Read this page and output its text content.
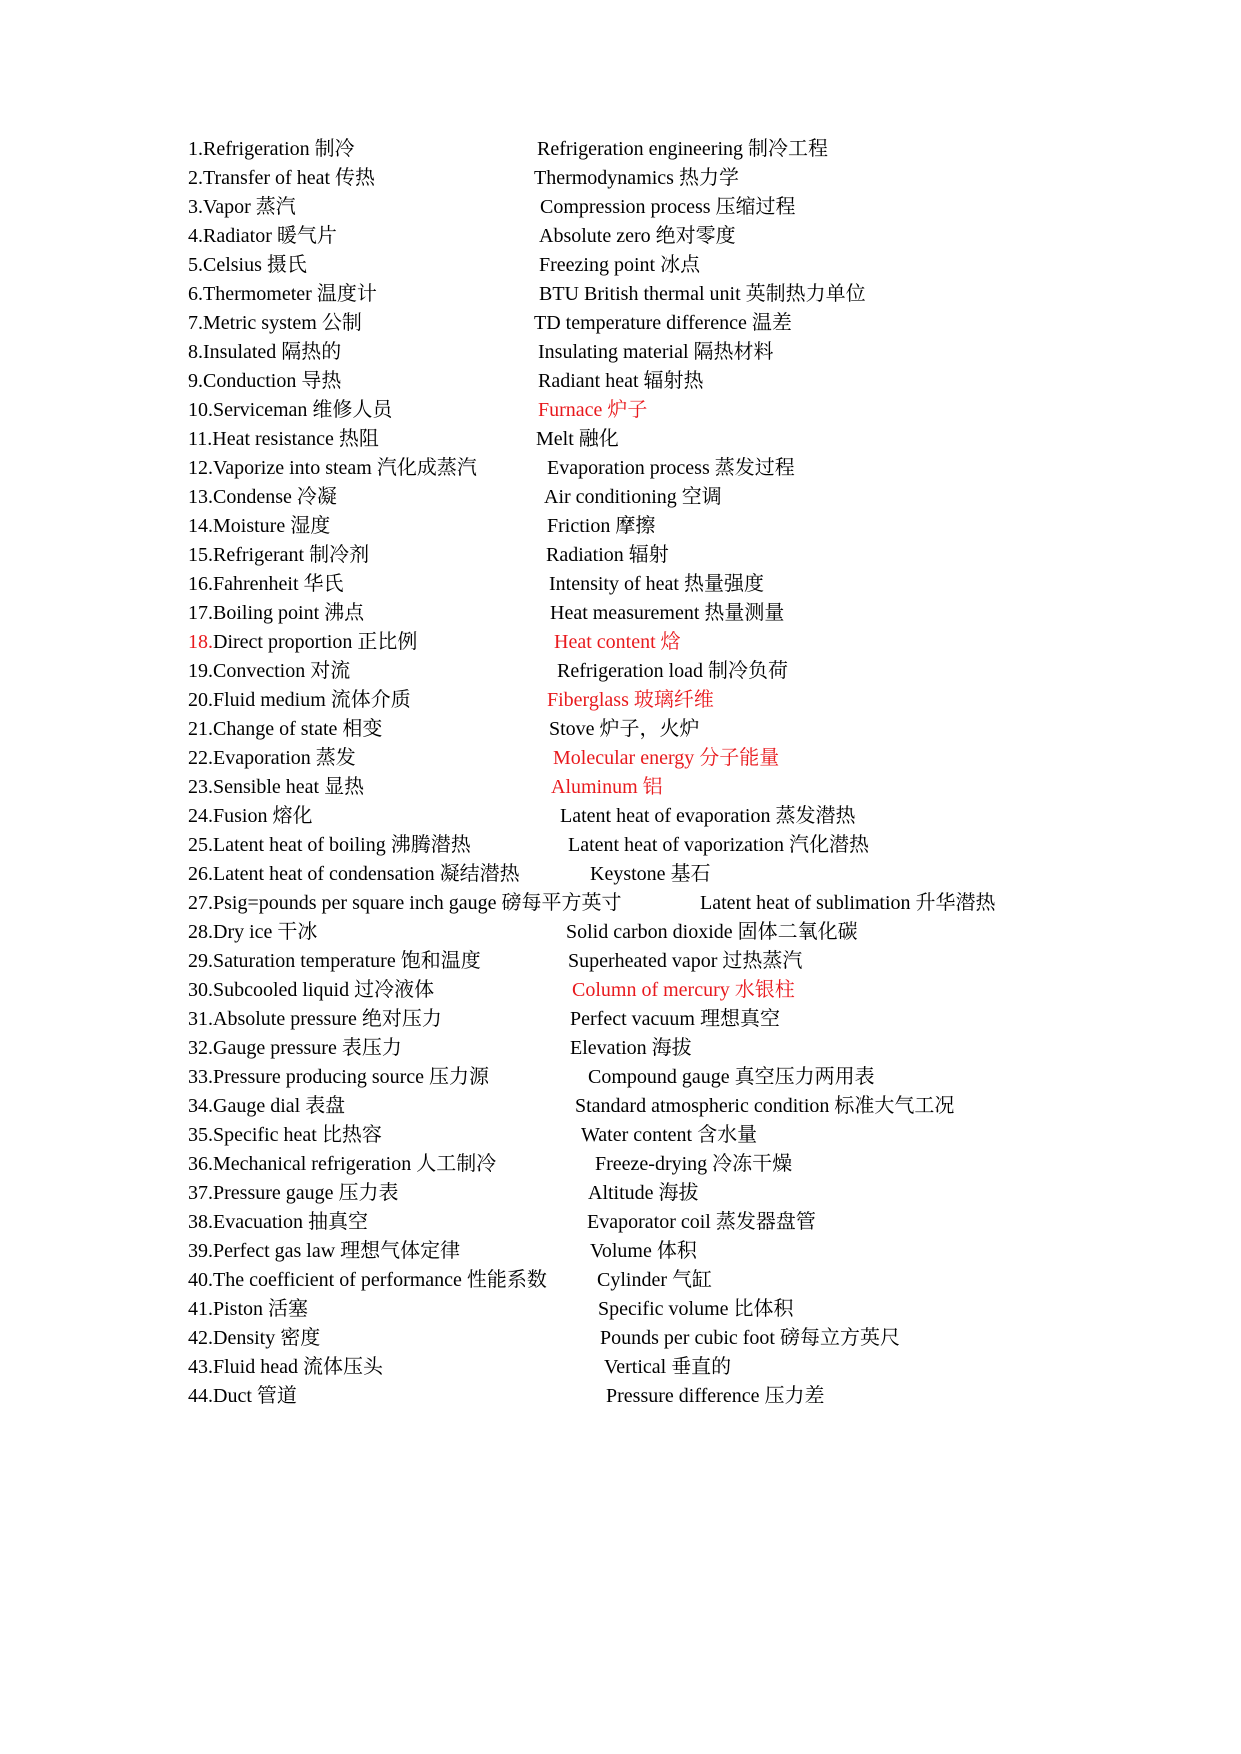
1.Refrigeration 制冷	Refrigeration engineering 制冷工程
2.Transfer of heat 传热	Thermodynamics 热力学
3.Vapor 蒸汽	Compression process 压缩过程
4.Radiator 暖气片	Absolute zero 绝对零度
5.Celsius 摄氏	Freezing point 冰点
6.Thermometer 温度计	BTU British thermal unit 英制热力单位
7.Metric system 公制	TD temperature difference 温差
8.Insulated 隔热的	Insulating material 隔热材料
9.Conduction 导热	Radiant heat 辐射热
10.Serviceman 维修人员	Furnace 炉子
11.Heat resistance 热阻	Melt 融化
12.Vaporize into steam 汽化成蒸汽	Evaporation process 蒸发过程
13.Condense 冷凝	Air conditioning 空调
14.Moisture 湿度	Friction 摩擦
15.Refrigerant 制冷剂	Radiation 辐射
16.Fahrenheit 华氏	Intensity of heat 热量强度
17.Boiling point 沸点	Heat measurement 热量测量
18.Direct proportion 正比例	Heat content 焓
19.Convection 对流	Refrigeration load 制冷负荷
20.Fluid medium 流体介质	Fiberglass 玻璃纤维
21.Change of state 相变	Stove 炉子，火炉
22.Evaporation 蒸发	Molecular energy 分子能量
23.Sensible heat 显热	Aluminum 铝
24.Fusion 熔化	Latent heat of evaporation 蒸发潜热
25.Latent heat of boiling 沸腾潜热	Latent heat of vaporization 汽化潜热
26.Latent heat of condensation 凝结潜热	Keystone 基石
27.Psig=pounds per square inch gauge 磅每平方英寸	Latent heat of sublimation 升华潜热
28.Dry ice 干冰	Solid carbon dioxide 固体二氧化碳
29.Saturation temperature 饱和温度	Superheated vapor 过热蒸汽
30.Subcooled liquid 过冷液体	Column of mercury 水银柱
31.Absolute pressure 绝对压力	Perfect vacuum 理想真空
32.Gauge pressure 表压力	Elevation 海拔
33.Pressure producing source 压力源	Compound gauge 真空压力两用表
34.Gauge dial 表盘	Standard atmospheric condition 标准大气工况
35.Specific heat 比热容	Water content 含水量
36.Mechanical refrigeration 人工制冷	Freeze-drying 冷冻干燥
37.Pressure gauge 压力表	Altitude 海拔
38.Evacuation 抽真空	Evaporator coil 蒸发器盘管
39.Perfect gas law 理想气体定律	Volume 体积
40.The coefficient of performance 性能系数	Cylinder 气缸
41.Piston 活塞	Specific volume 比体积
42.Density 密度	Pounds per cubic foot 磅每立方英尺
43.Fluid head 流体压头	Vertical 垂直的
44.Duct 管道	Pressure difference 压力差
